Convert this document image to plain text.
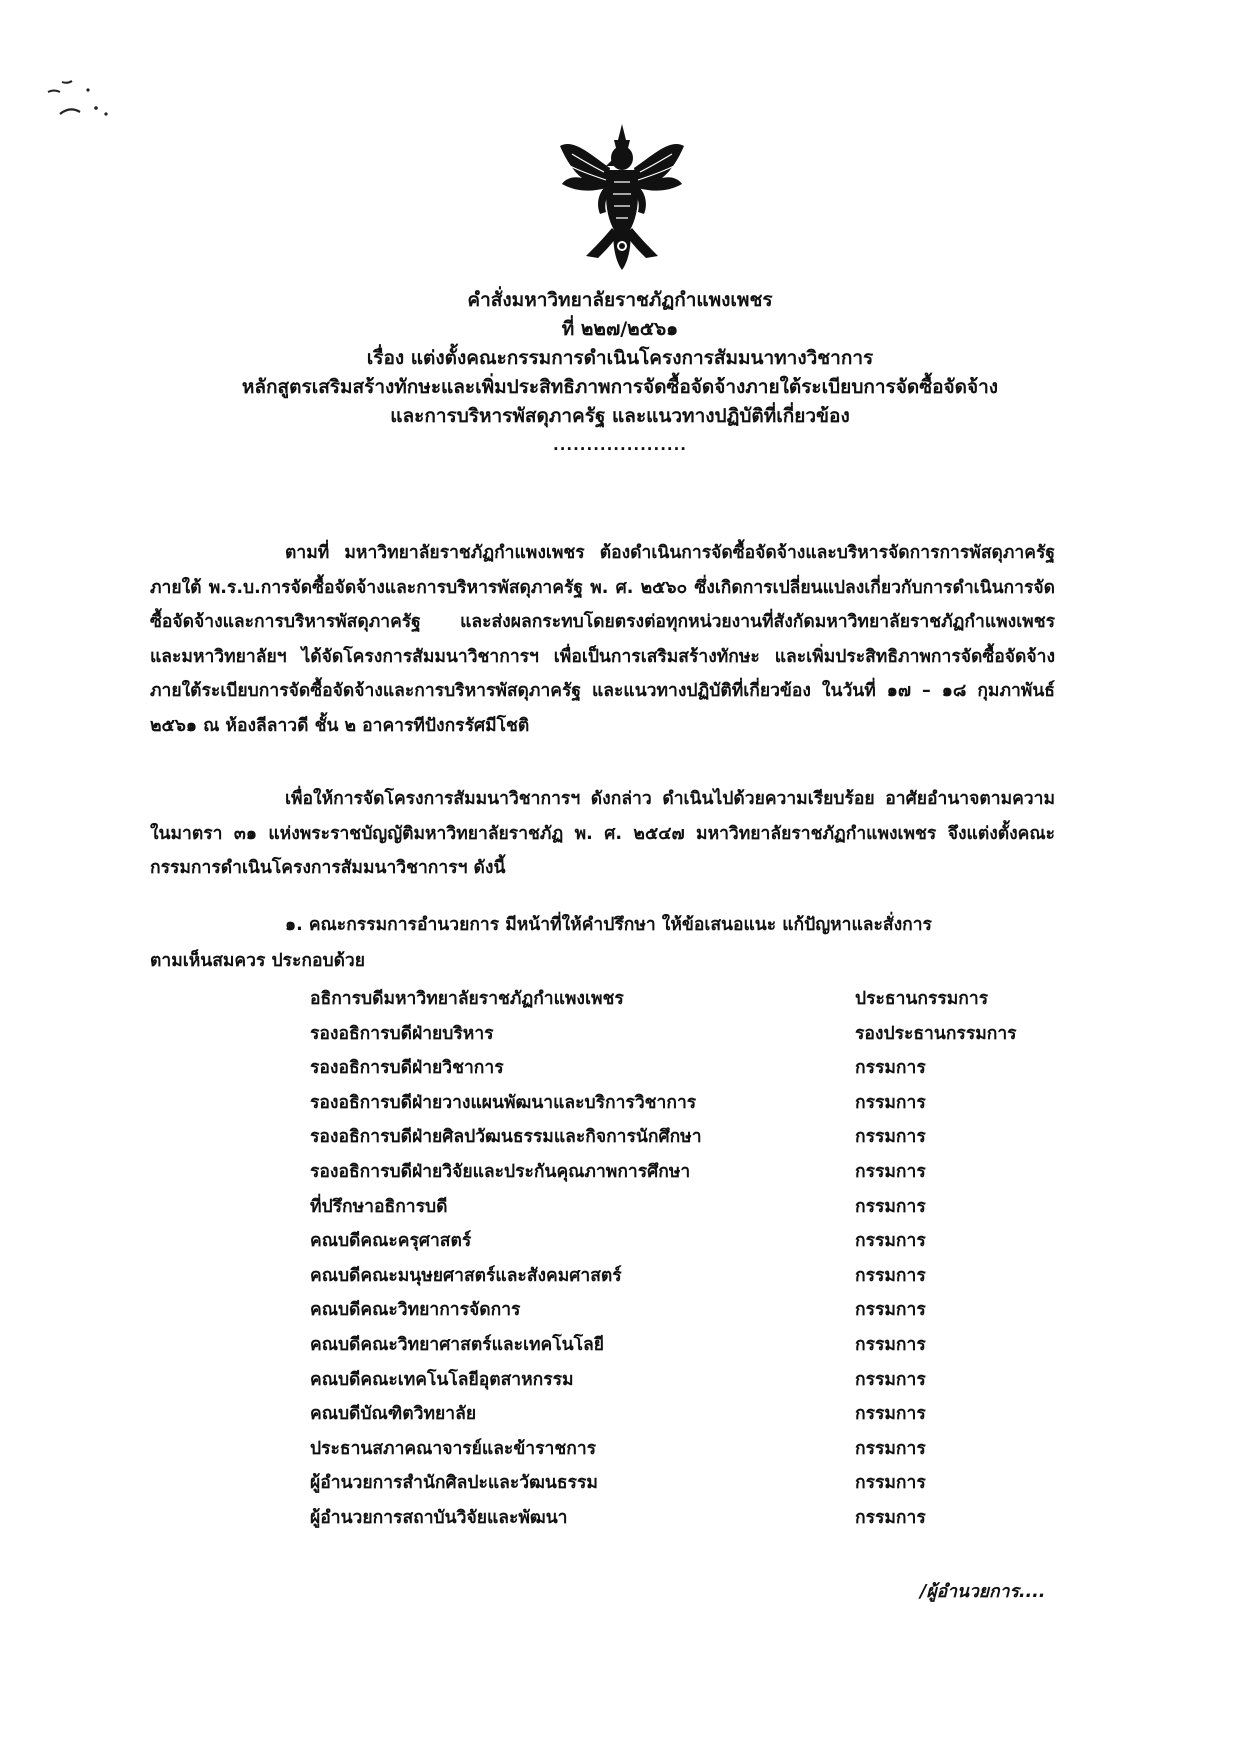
คำสั่งมหาวิทยาลัยราชภัฏกำแพงเพชร
ที่ ๒๒๗/๒๕๖๑
เรื่อง แต่งตั้งคณะกรรมการดำเนินโครงการสัมมนาทางวิชาการ
หลักสูตรเสริมสร้างทักษะและเพิ่มประสิทธิภาพการจัดซื้อจัดจ้างภายใต้ระเบียบการจัดซื้อจัดจ้าง
และการบริหารพัสดุภาครัฐ และแนวทางปฏิบัติที่เกี่ยวข้อง
....................

ตามที่ มหาวิทยาลัยราชภัฏกำแพงเพชร ต้องดำเนินการจัดซื้อจัดจ้างและบริหารจัดการการพัสดุภาครัฐภายใต้ พ.ร.บ.การจัดซื้อจัดจ้างและการบริหารพัสดุภาครัฐ พ. ศ. ๒๕๖๐ ซึ่งเกิดการเปลี่ยนแปลงเกี่ยวกับการดำเนินการจัดซื้อจัดจ้างและการบริหารพัสดุภาครัฐ และส่งผลกระทบโดยตรงต่อทุกหน่วยงานที่สังกัดมหาวิทยาลัยราชภัฏกำแพงเพชร และมหาวิทยาลัยฯ ได้จัดโครงการสัมมนาวิชาการฯ เพื่อเป็นการเสริมสร้างทักษะ และเพิ่มประสิทธิภาพการจัดซื้อจัดจ้างภายใต้ระเบียบการจัดซื้อจัดจ้างและการบริหารพัสดุภาครัฐ และแนวทางปฏิบัติที่เกี่ยวข้อง ในวันที่ ๑๗ – ๑๘ กุมภาพันธ์ ๒๕๖๑ ณ ห้องลีลาวดี ชั้น ๒ อาคารทีปังกรรัศมีโชติ

เพื่อให้การจัดโครงการสัมมนาวิชาการฯ ดังกล่าว ดำเนินไปด้วยความเรียบร้อย อาศัยอำนาจตามความในมาตรา ๓๑ แห่งพระราชบัญญัติมหาวิทยาลัยราชภัฏ พ. ศ. ๒๕๔๗ มหาวิทยาลัยราชภัฏกำแพงเพชร จึงแต่งตั้งคณะกรรมการดำเนินโครงการสัมมนาวิชาการฯ ดังนี้

๑. คณะกรรมการอำนวยการ มีหน้าที่ให้คำปรึกษา ให้ข้อเสนอแนะ แก้ปัญหาและสั่งการ
ตามเห็นสมควร ประกอบด้วย
อธิการบดีมหาวิทยาลัยราชภัฏกำแพงเพชร	ประธานกรรมการ
รองอธิการบดีฝ่ายบริหาร	รองประธานกรรมการ
รองอธิการบดีฝ่ายวิชาการ	กรรมการ
รองอธิการบดีฝ่ายวางแผนพัฒนาและบริการวิชาการ	กรรมการ
รองอธิการบดีฝ่ายศิลปวัฒนธรรมและกิจการนักศึกษา	กรรมการ
รองอธิการบดีฝ่ายวิจัยและประกันคุณภาพการศึกษา	กรรมการ
ที่ปรึกษาอธิการบดี	กรรมการ
คณบดีคณะครุศาสตร์	กรรมการ
คณบดีคณะมนุษยศาสตร์และสังคมศาสตร์	กรรมการ
คณบดีคณะวิทยาการจัดการ	กรรมการ
คณบดีคณะวิทยาศาสตร์และเทคโนโลยี	กรรมการ
คณบดีคณะเทคโนโลยีอุตสาหกรรม	กรรมการ
คณบดีบัณฑิตวิทยาลัย	กรรมการ
ประธานสภาคณาจารย์และข้าราชการ	กรรมการ
ผู้อำนวยการสำนักศิลปะและวัฒนธรรม	กรรมการ
ผู้อำนวยการสถาบันวิจัยและพัฒนา	กรรมการ
/ผู้อำนวยการ....
